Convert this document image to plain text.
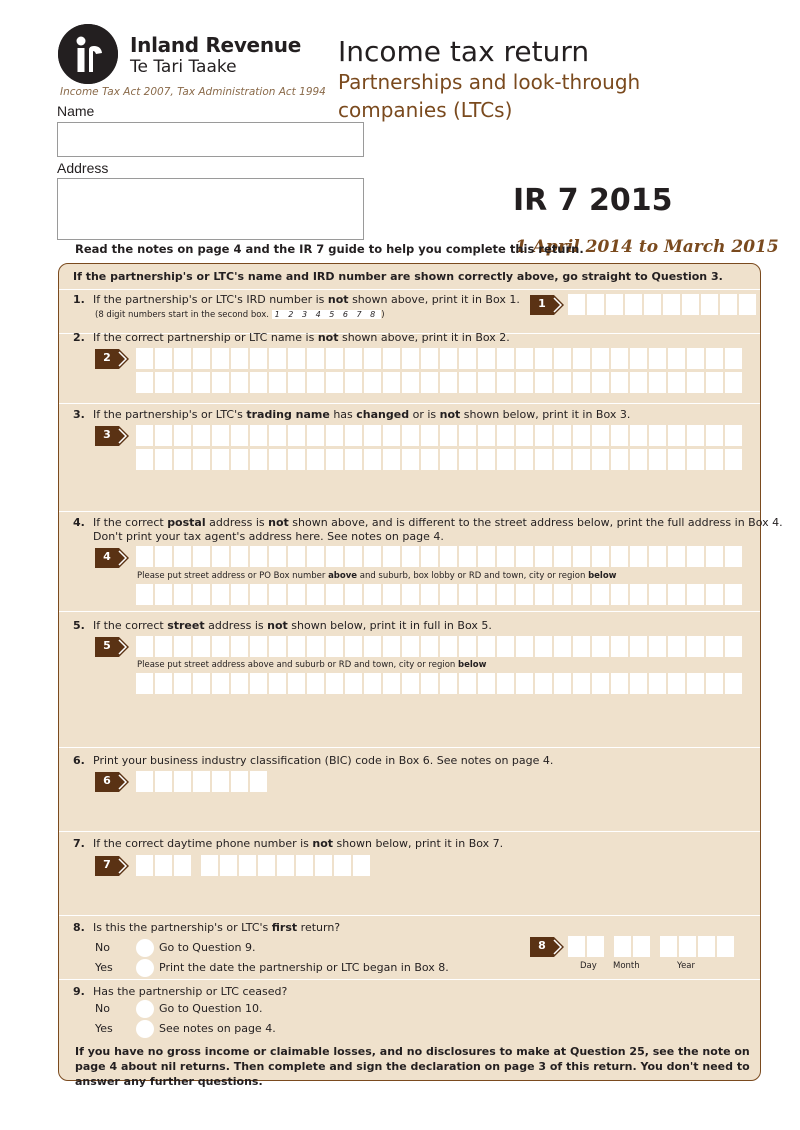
Inland Revenue
Te Tari Taake
Income Tax Act 2007, Tax Administration Act 1994
Income tax return
Partnerships and look-through companies (LTCs)
Name
Address
IR 7 2015
1 April 2014 to March 2015
Read the notes on page 4 and the IR 7 guide to help you complete this return.
If the partnership's or LTC's name and IRD number are shown correctly above, go straight to Question 3.
1. If the partnership's or LTC's IRD number is not shown above, print it in Box 1.
(8 digit numbers start in the second box. 1 2 3 4 5 6 7 8 )
1
2. If the correct partnership or LTC name is not shown above, print it in Box 2.
2
3. If the partnership's or LTC's trading name has changed or is not shown below, print it in Box 3.
3
4. If the correct postal address is not shown above, and is different to the street address below, print the full address in Box 4.
Don't print your tax agent's address here. See notes on page 4.
4
Please put street address or PO Box number above and suburb, box lobby or RD and town, city or region below
5. If the correct street address is not shown below, print it in full in Box 5.
5
Please put street address above and suburb or RD and town, city or region below
6. Print your business industry classification (BIC) code in Box 6. See notes on page 4.
6
7. If the correct daytime phone number is not shown below, print it in Box 7.
7
8. Is this the partnership's or LTC's first return?
No	Go to Question 9.
Yes	Print the date the partnership or LTC began in Box 8.
8
Day Month	Year
9. Has the partnership or LTC ceased?
No	Go to Question 10.
Yes	See notes on page 4.
If you have no gross income or claimable losses, and no disclosures to make at Question 25, see the note on page 4 about nil returns. Then complete and sign the declaration on page 3 of this return. You don't need to answer any further questions.
